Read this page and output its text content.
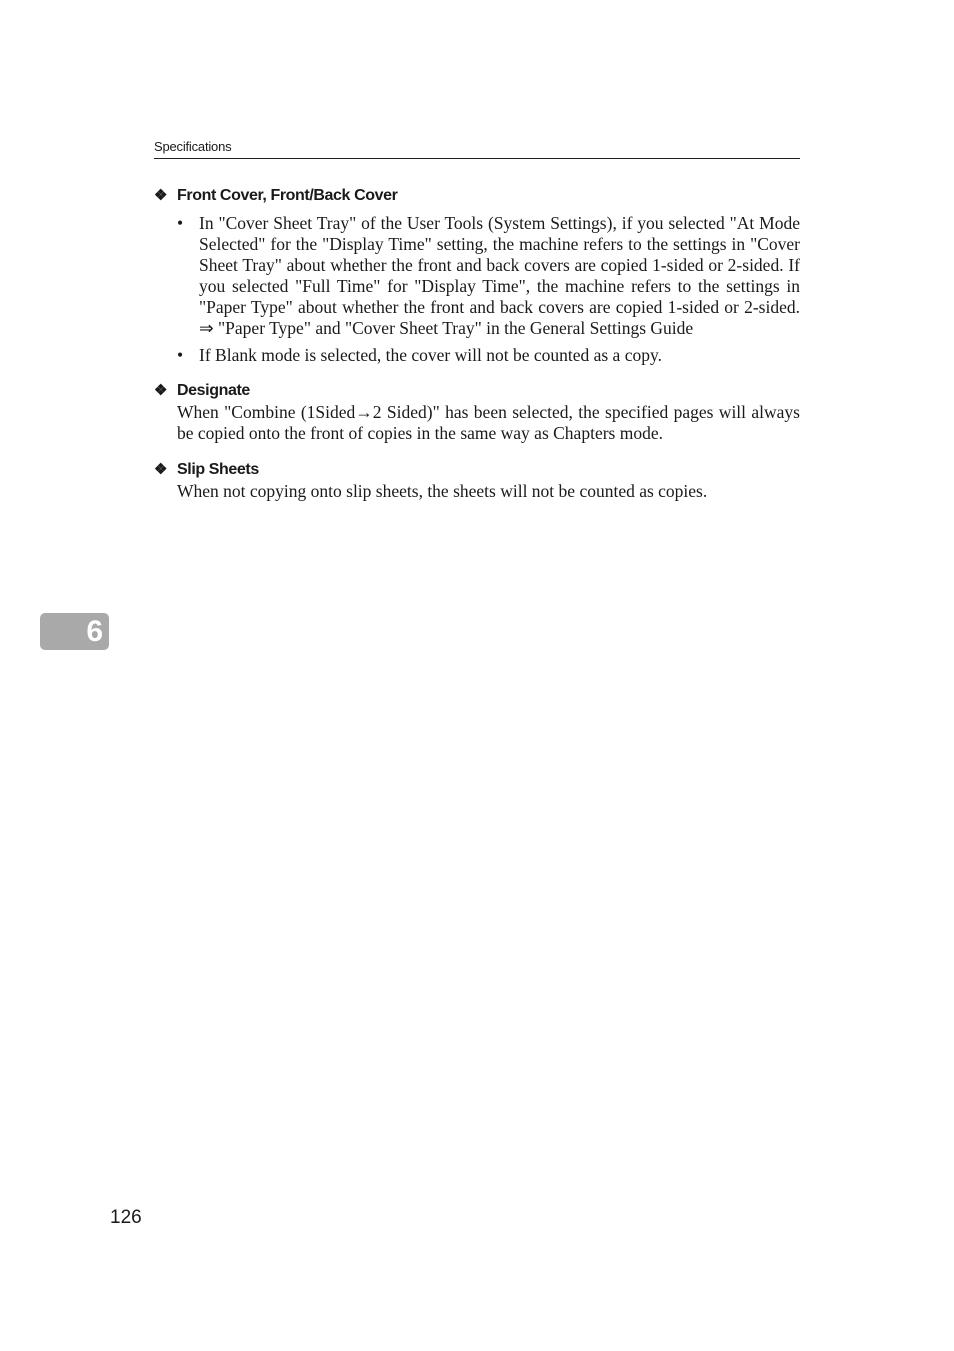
Specifications
❖ Front Cover, Front/Back Cover
• In "Cover Sheet Tray" of the User Tools (System Settings), if you selected "At Mode Selected" for the "Display Time" setting, the machine refers to the settings in "Cover Sheet Tray" about whether the front and back covers are copied 1-sided or 2-sided. If you selected "Full Time" for "Display Time", the machine refers to the settings in "Paper Type" about whether the front and back covers are copied 1-sided or 2-sided. ⇒ "Paper Type" and "Cover Sheet Tray" in the General Settings Guide
• If Blank mode is selected, the cover will not be counted as a copy.
❖ Designate

When "Combine (1Sided→2 Sided)" has been selected, the specified pages will always be copied onto the front of copies in the same way as Chapters mode.

❖ Slip Sheets

When not copying onto slip sheets, the sheets will not be counted as copies.

6
126
